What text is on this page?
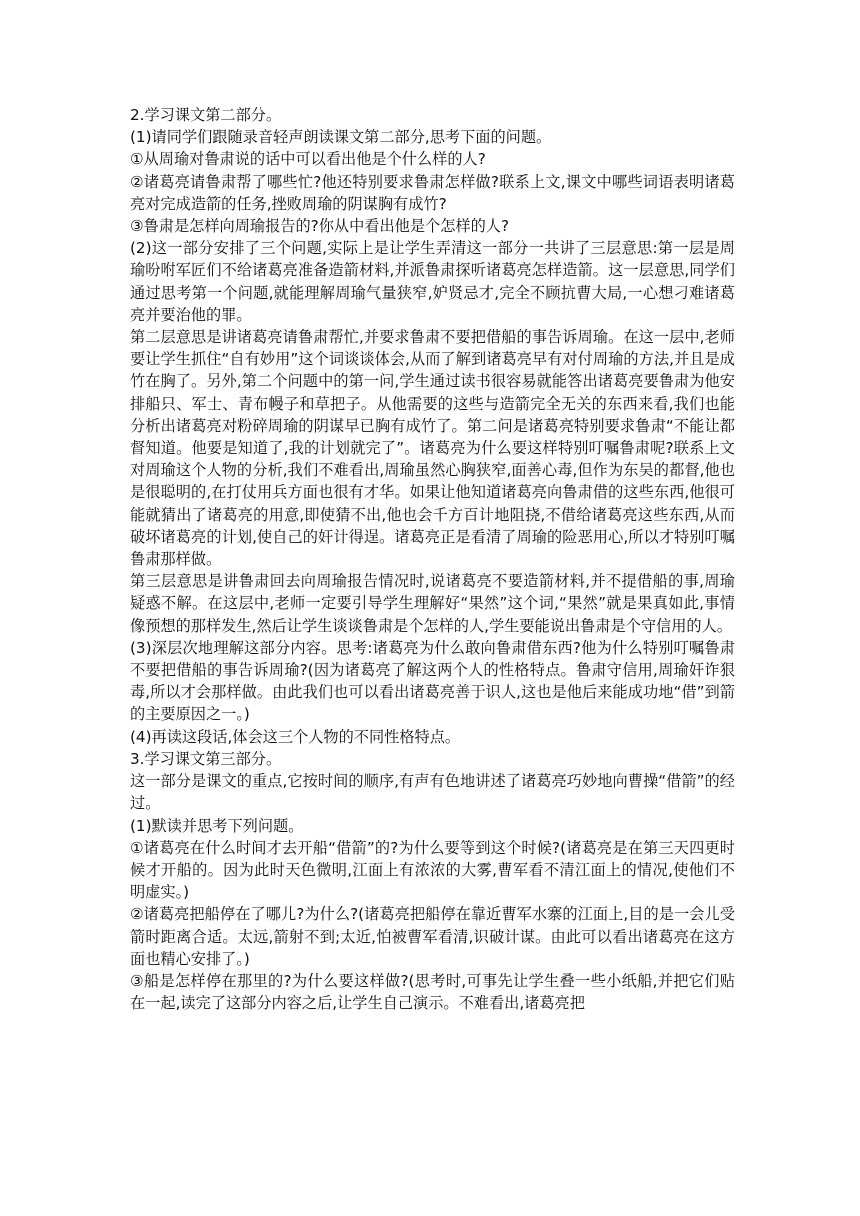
2.学习课文第二部分。

(1)请同学们跟随录音轻声朗读课文第二部分,思考下面的问题。

①从周瑜对鲁肃说的话中可以看出他是个什么样的人?

②诸葛亮请鲁肃帮了哪些忙?他还特别要求鲁肃怎样做?联系上文,课文中哪些词语表明诸葛亮对完成造箭的任务,挫败周瑜的阴谋胸有成竹?

③鲁肃是怎样向周瑜报告的?你从中看出他是个怎样的人?

(2)这一部分安排了三个问题,实际上是让学生弄清这一部分一共讲了三层意思:第一层是周瑜吩咐军匠们不给诸葛亮准备造箭材料,并派鲁肃探听诸葛亮怎样造箭。这一层意思,同学们通过思考第一个问题,就能理解周瑜气量狭窄,妒贤忌才,完全不顾抗曹大局,一心想刁难诸葛亮并要治他的罪。

第二层意思是讲诸葛亮请鲁肃帮忙,并要求鲁肃不要把借船的事告诉周瑜。在这一层中,老师要让学生抓住“自有妙用”这个词谈谈体会,从而了解到诸葛亮早有对付周瑜的方法,并且是成竹在胸了。另外,第二个问题中的第一问,学生通过读书很容易就能答出诸葛亮要鲁肃为他安排船只、军士、青布幔子和草把子。从他需要的这些与造箭完全无关的东西来看,我们也能分析出诸葛亮对粉碎周瑜的阴谋早已胸有成竹了。第二问是诸葛亮特别要求鲁肃“不能让都督知道。他要是知道了,我的计划就完了”。诸葛亮为什么要这样特别叮嘱鲁肃呢?联系上文对周瑜这个人物的分析,我们不难看出,周瑜虽然心胸狭窄,面善心毒,但作为东吴的都督,他也是很聪明的,在打仗用兵方面也很有才华。如果让他知道诸葛亮向鲁肃借的这些东西,他很可能就猜出了诸葛亮的用意,即使猜不出,他也会千方百计地阻挠,不借给诸葛亮这些东西,从而破坏诸葛亮的计划,使自己的奸计得逞。诸葛亮正是看清了周瑜的险恶用心,所以才特别叮嘱鲁肃那样做。

第三层意思是讲鲁肃回去向周瑜报告情况时,说诸葛亮不要造箭材料,并不提借船的事,周瑜疑惑不解。在这层中,老师一定要引导学生理解好“果然”这个词,“果然”就是果真如此,事情像预想的那样发生,然后让学生谈谈鲁肃是个怎样的人,学生要能说出鲁肃是个守信用的人。

(3)深层次地理解这部分内容。思考:诸葛亮为什么敢向鲁肃借东西?他为什么特别叮嘱鲁肃不要把借船的事告诉周瑜?(因为诸葛亮了解这两个人的性格特点。鲁肃守信用,周瑜奸诈狠毒,所以才会那样做。由此我们也可以看出诸葛亮善于识人,这也是他后来能成功地“借”到箭的主要原因之一。)

(4)再读这段话,体会这三个人物的不同性格特点。

3.学习课文第三部分。

这一部分是课文的重点,它按时间的顺序,有声有色地讲述了诸葛亮巧妙地向曹操“借箭”的经过。

(1)默读并思考下列问题。

①诸葛亮在什么时间才去开船“借箭”的?为什么要等到这个时候?(诸葛亮是在第三天四更时候才开船的。因为此时天色微明,江面上有浓浓的大雾,曹军看不清江面上的情况,使他们不明虚实。)

②诸葛亮把船停在了哪儿?为什么?(诸葛亮把船停在靠近曹军水寨的江面上,目的是一会儿受箭时距离合适。太远,箭射不到;太近,怕被曹军看清,识破计谋。由此可以看出诸葛亮在这方面也精心安排了。)

③船是怎样停在那里的?为什么要这样做?(思考时,可事先让学生叠一些小纸船,并把它们贴在一起,读完了这部分内容之后,让学生自己演示。不难看出,诸葛亮把
